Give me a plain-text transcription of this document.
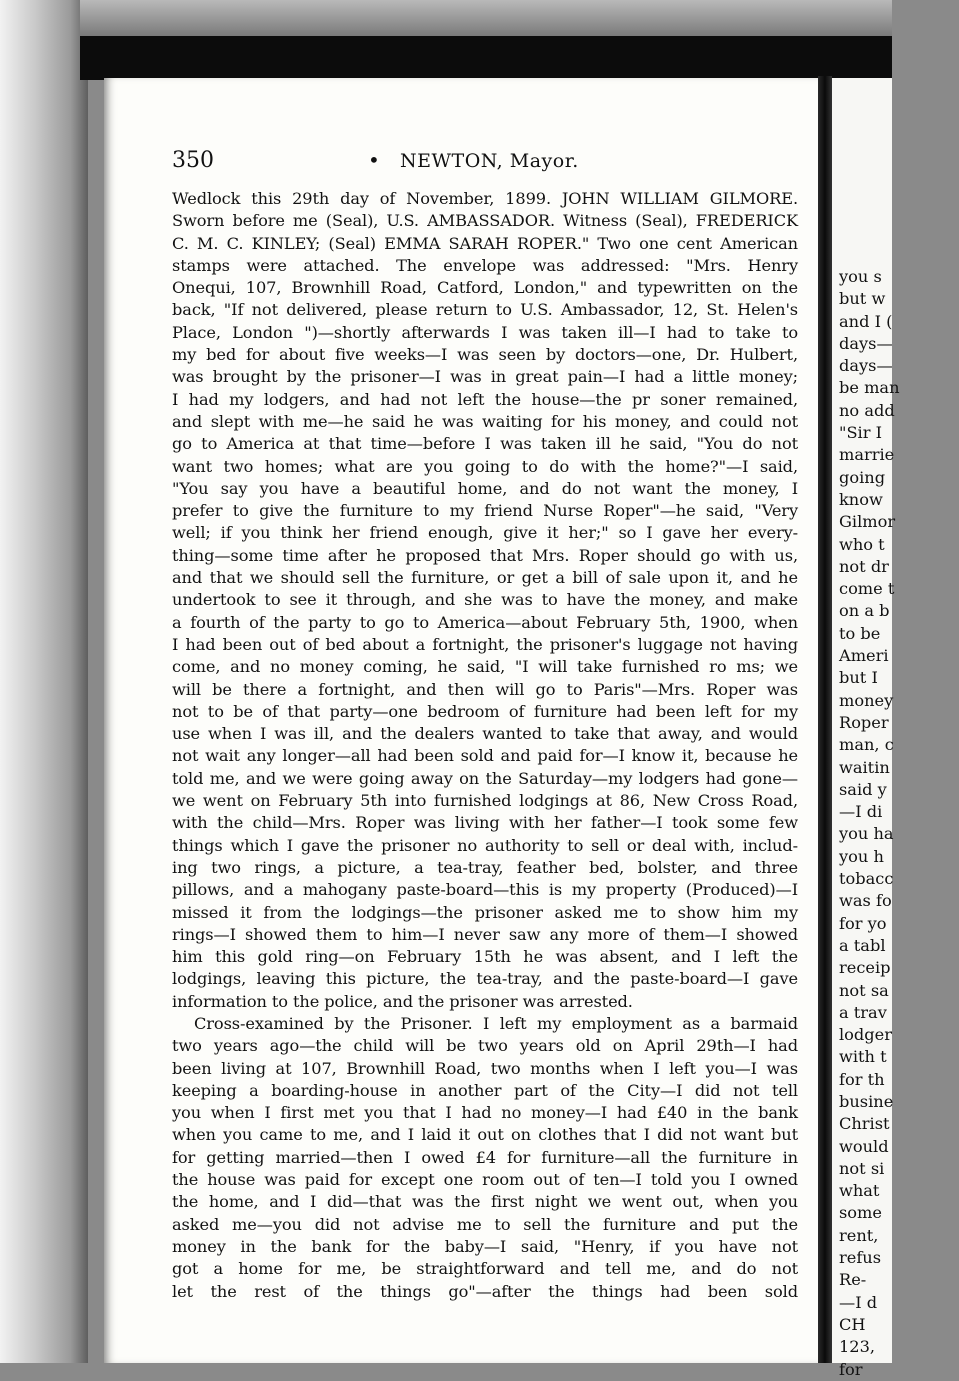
350	• NEWTON, Mayor.
Wedlock this 29th day of November, 1899. JOHN WILLIAM GILMORE.
Sworn before me (Seal), U.S. AMBASSADOR. Witness (Seal), FREDERICK
C. M. C. KINLEY; (Seal) EMMA SARAH ROPER." Two one cent American
stamps were attached. The envelope was addressed: "Mrs. Henry
Onequi, 107, Brownhill Road, Catford, London," and typewritten on the
back, "If not delivered, please return to U.S. Ambassador, 12, St. Helen's
Place, London ")—shortly afterwards I was taken ill—I had to take to
my bed for about five weeks—I was seen by doctors—one, Dr. Hulbert,
was brought by the prisoner—I was in great pain—I had a little money;
I had my lodgers, and had not left the house—the pr soner remained,
and slept with me—he said he was waiting for his money, and could not
go to America at that time—before I was taken ill he said, "You do not
want two homes; what are you going to do with the home?"—I said,
"You say you have a beautiful home, and do not want the money, I
prefer to give the furniture to my friend Nurse Roper"—he said, "Very
well; if you think her friend enough, give it her;" so I gave her every-
thing—some time after he proposed that Mrs. Roper should go with us,
and that we should sell the furniture, or get a bill of sale upon it, and he
undertook to see it through, and she was to have the money, and make
a fourth of the party to go to America—about February 5th, 1900, when
I had been out of bed about a fortnight, the prisoner's luggage not having
come, and no money coming, he said, "I will take furnished ro ms; we
will be there a fortnight, and then will go to Paris"—Mrs. Roper was
not to be of that party—one bedroom of furniture had been left for my
use when I was ill, and the dealers wanted to take that away, and would
not wait any longer—all had been sold and paid for—I know it, because he
told me, and we were going away on the Saturday—my lodgers had gone—
we went on February 5th into furnished lodgings at 86, New Cross Road,
with the child—Mrs. Roper was living with her father—I took some few
things which I gave the prisoner no authority to sell or deal with, includ-
ing two rings, a picture, a tea-tray, feather bed, bolster, and three
pillows, and a mahogany paste-board—this is my property (Produced)—I
missed it from the lodgings—the prisoner asked me to show him my
rings—I showed them to him—I never saw any more of them—I showed
him this gold ring—on February 15th he was absent, and I left the
lodgings, leaving this picture, the tea-tray, and the paste-board—I gave
information to the police, and the prisoner was arrested.
Cross-examined by the Prisoner. I left my employment as a barmaid
two years ago—the child will be two years old on April 29th—I had
been living at 107, Brownhill Road, two months when I left you—I was
keeping a boarding-house in another part of the City—I did not tell
you when I first met you that I had no money—I had £40 in the bank
when you came to me, and I laid it out on clothes that I did not want but
for getting married—then I owed £4 for furniture—all the furniture in
the house was paid for except one room out of ten—I told you I owned
the home, and I did—that was the first night we went out, when you
asked me—you did not advise me to sell the furniture and put the
money in the bank for the baby—I said, "Henry, if you have not
got a home for me, be straightforward and tell me, and do not
let the rest of the things go"—after the things had been sold
you s
but w
and I (
days—
days—
be man
no add
"Sir I
marrie
going
know
Gilmor
who t
not dr
come t
on a b
to be
Ameri
but I
money
Roper
man, c
waitin
said y
—I di
you ha
you h
tobacc
was fo
for yo
a tabl
receip
not sa
a trav
lodger
with t
for th
busine
Christ
would
not si
what
some
rent,
refus
Re-
—I d
CH
123,
for
